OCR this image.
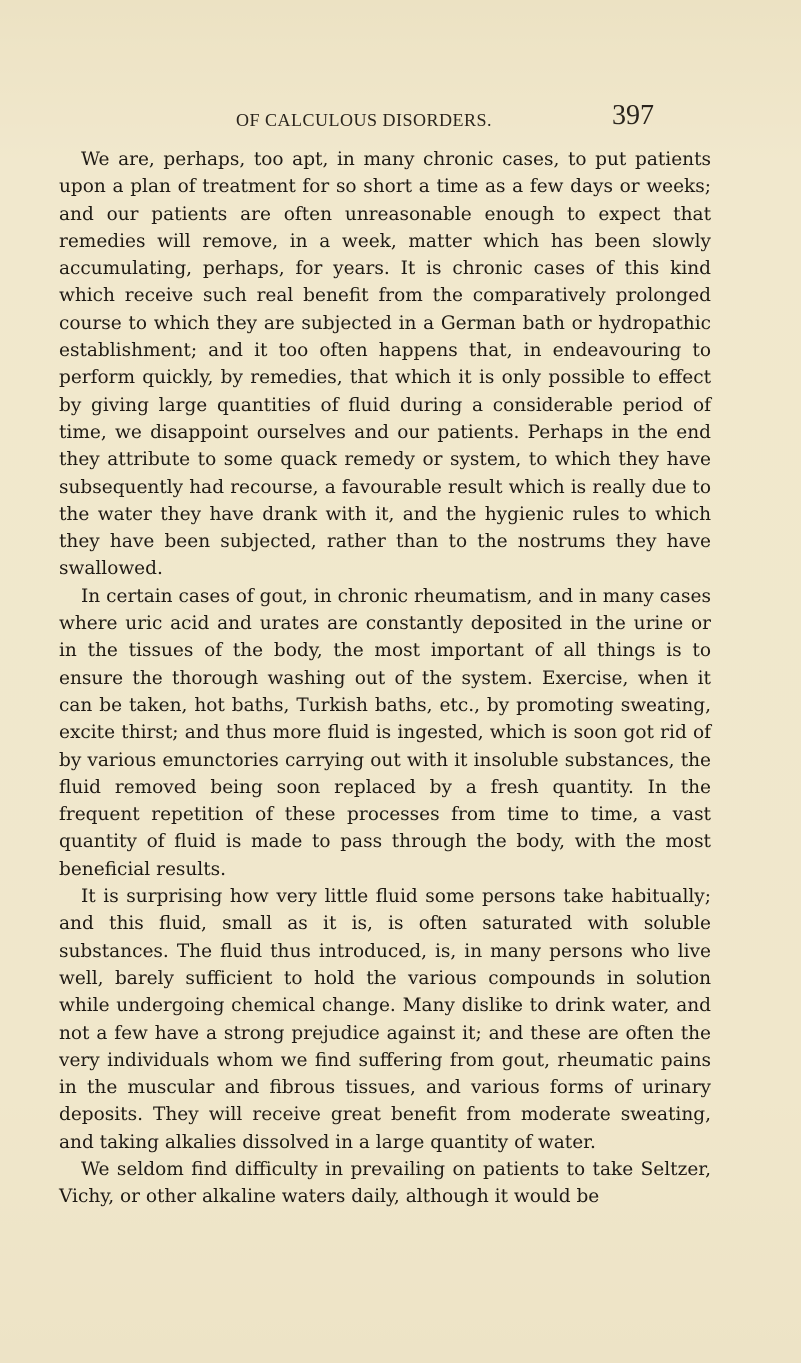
OF CALCULOUS DISORDERS.	397

We are, perhaps, too apt, in many chronic cases, to put patients upon a plan of treatment for so short a time as a few days or weeks; and our patients are often unreasonable enough to expect that remedies will remove, in a week, matter which has been slowly accumulating, perhaps, for years. It is chronic cases of this kind which receive such real benefit from the comparatively prolonged course to which they are subjected in a German bath or hydropathic establishment; and it too often happens that, in endeavouring to perform quickly, by remedies, that which it is only possible to effect by giving large quantities of fluid during a considerable period of time, we disappoint ourselves and our patients. Perhaps in the end they attribute to some quack remedy or system, to which they have subsequently had recourse, a favourable result which is really due to the water they have drank with it, and the hygienic rules to which they have been subjected, rather than to the nostrums they have swallowed.

In certain cases of gout, in chronic rheumatism, and in many cases where uric acid and urates are constantly deposited in the urine or in the tissues of the body, the most important of all things is to ensure the thorough washing out of the system. Exercise, when it can be taken, hot baths, Turkish baths, etc., by promoting sweating, excite thirst; and thus more fluid is ingested, which is soon got rid of by various emunctories carrying out with it insoluble substances, the fluid removed being soon replaced by a fresh quantity. In the frequent repetition of these processes from time to time, a vast quantity of fluid is made to pass through the body, with the most beneficial results.

It is surprising how very little fluid some persons take habitually; and this fluid, small as it is, is often saturated with soluble substances. The fluid thus introduced, is, in many persons who live well, barely sufficient to hold the various compounds in solution while undergoing chemical change. Many dislike to drink water, and not a few have a strong prejudice against it; and these are often the very individuals whom we find suffering from gout, rheumatic pains in the muscular and fibrous tissues, and various forms of urinary deposits. They will receive great benefit from moderate sweating, and taking alkalies dissolved in a large quantity of water.

We seldom find difficulty in prevailing on patients to take Seltzer, Vichy, or other alkaline waters daily, although it would be
